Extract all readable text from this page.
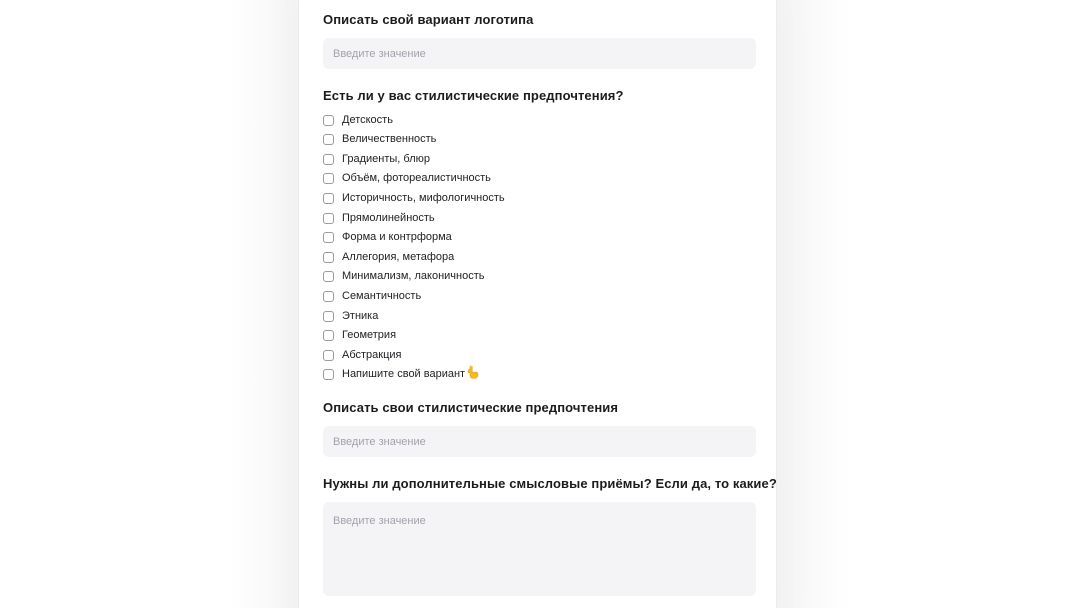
Описать свой вариант логотипа
Введите значение
Есть ли у вас стилистические предпочтения?
Детскость
Величественность
Градиенты, блюр
Объём, фотореалистичность
Историчность, мифологичность
Прямолинейность
Форма и контрформа
Аллегория, метафора
Минимализм, лаконичность
Семантичность
Этника
Геометрия
Абстракция
Напишите свой вариант
Описать свои стилистические предпочтения
Введите значение
Нужны ли дополнительные смысловые приёмы? Если да, то какие?
Введите значение
